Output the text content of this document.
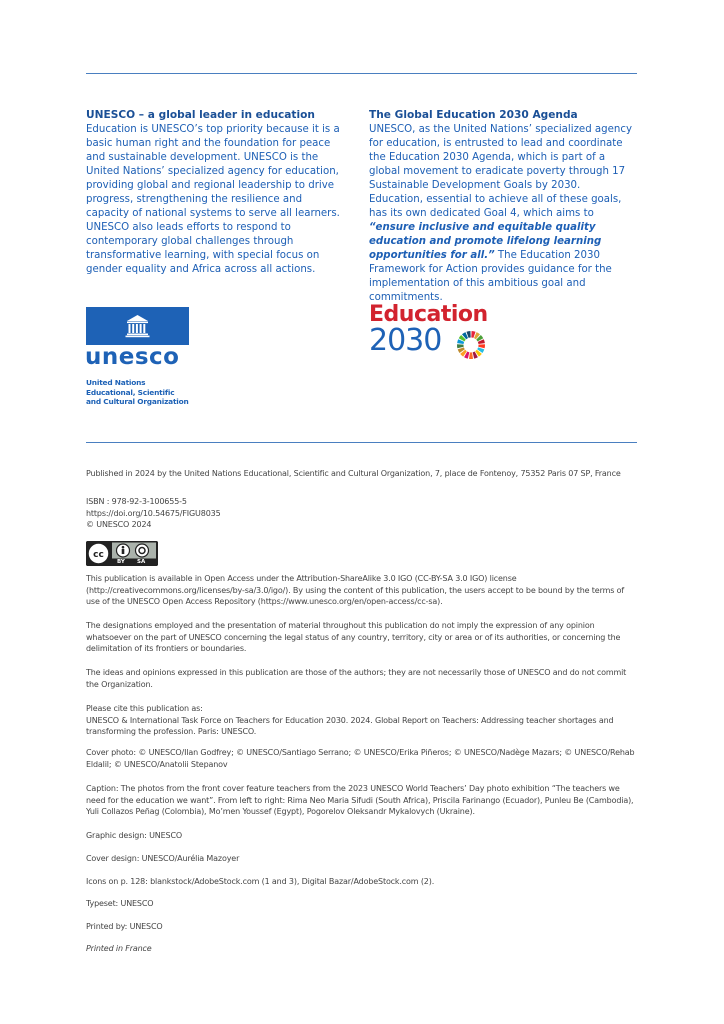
UNESCO – a global leader in education

Education is UNESCO’s top priority because it is a basic human right and the foundation for peace and sustainable development. UNESCO is the United Nations’ specialized agency for education, providing global and regional leadership to drive progress, strengthening the resilience and capacity of national systems to serve all learners. UNESCO also leads efforts to respond to contemporary global challenges through transformative learning, with special focus on gender equality and Africa across all actions.

The Global Education 2030 Agenda

UNESCO, as the United Nations’ specialized agency for education, is entrusted to lead and coordinate the Education 2030 Agenda, which is part of a global movement to eradicate poverty through 17 Sustainable Development Goals by 2030. Education, essential to achieve all of these goals, has its own dedicated Goal 4, which aims to “ensure inclusive and equitable quality education and promote lifelong learning opportunities for all.” The Education 2030 Framework for Action provides guidance for the implementation of this ambitious goal and commitments.

unesco
United Nations
Educational, Scientific
and Cultural Organization
Education
2030
Published in 2024 by the United Nations Educational, Scientific and Cultural Organization, 7, place de Fontenoy, 75352 Paris 07 SP, France

ISBN : 978-92-3-100655-5

https://doi.org/10.54675/FIGU8035

© UNESCO 2024

cc
BY SA
This publication is available in Open Access under the Attribution-ShareAlike 3.0 IGO (CC-BY-SA 3.0 IGO) license (http://creativecommons.org/licenses/by-sa/3.0/igo/). By using the content of this publication, the users accept to be bound by the terms of use of the UNESCO Open Access Repository (https://www.unesco.org/en/open-access/cc-sa).
The designations employed and the presentation of material throughout this publication do not imply the expression of any opinion whatsoever on the part of UNESCO concerning the legal status of any country, territory, city or area or of its authorities, or concerning the delimitation of its frontiers or boundaries.
The ideas and opinions expressed in this publication are those of the authors; they are not necessarily those of UNESCO and do not commit the Organization.

Please cite this publication as:

UNESCO & International Task Force on Teachers for Education 2030. 2024. Global Report on Teachers: Addressing teacher shortages and transforming the profession. Paris: UNESCO.

Cover photo: © UNESCO/Ilan Godfrey; © UNESCO/Santiago Serrano; © UNESCO/Erika Piñeros; © UNESCO/Nadège Mazars; © UNESCO/Rehab Eldalil; © UNESCO/Anatolii Stepanov
Caption: The photos from the front cover feature teachers from the 2023 UNESCO World Teachers’ Day photo exhibition “The teachers we need for the education we want”. From left to right: Rima Neo Maria Sifudi (South Africa), Priscila Farinango (Ecuador), Punleu Be (Cambodia), Yuli Collazos Peñag (Colombia), Mo’men Youssef (Egypt), Pogorelov Oleksandr Mykalovych (Ukraine).
Graphic design: UNESCO
Cover design: UNESCO/Aurélia Mazoyer
Icons on p. 128: blankstock/AdobeStock.com (1 and 3), Digital Bazar/AdobeStock.com (2).
Typeset: UNESCO
Printed by: UNESCO
Printed in France
